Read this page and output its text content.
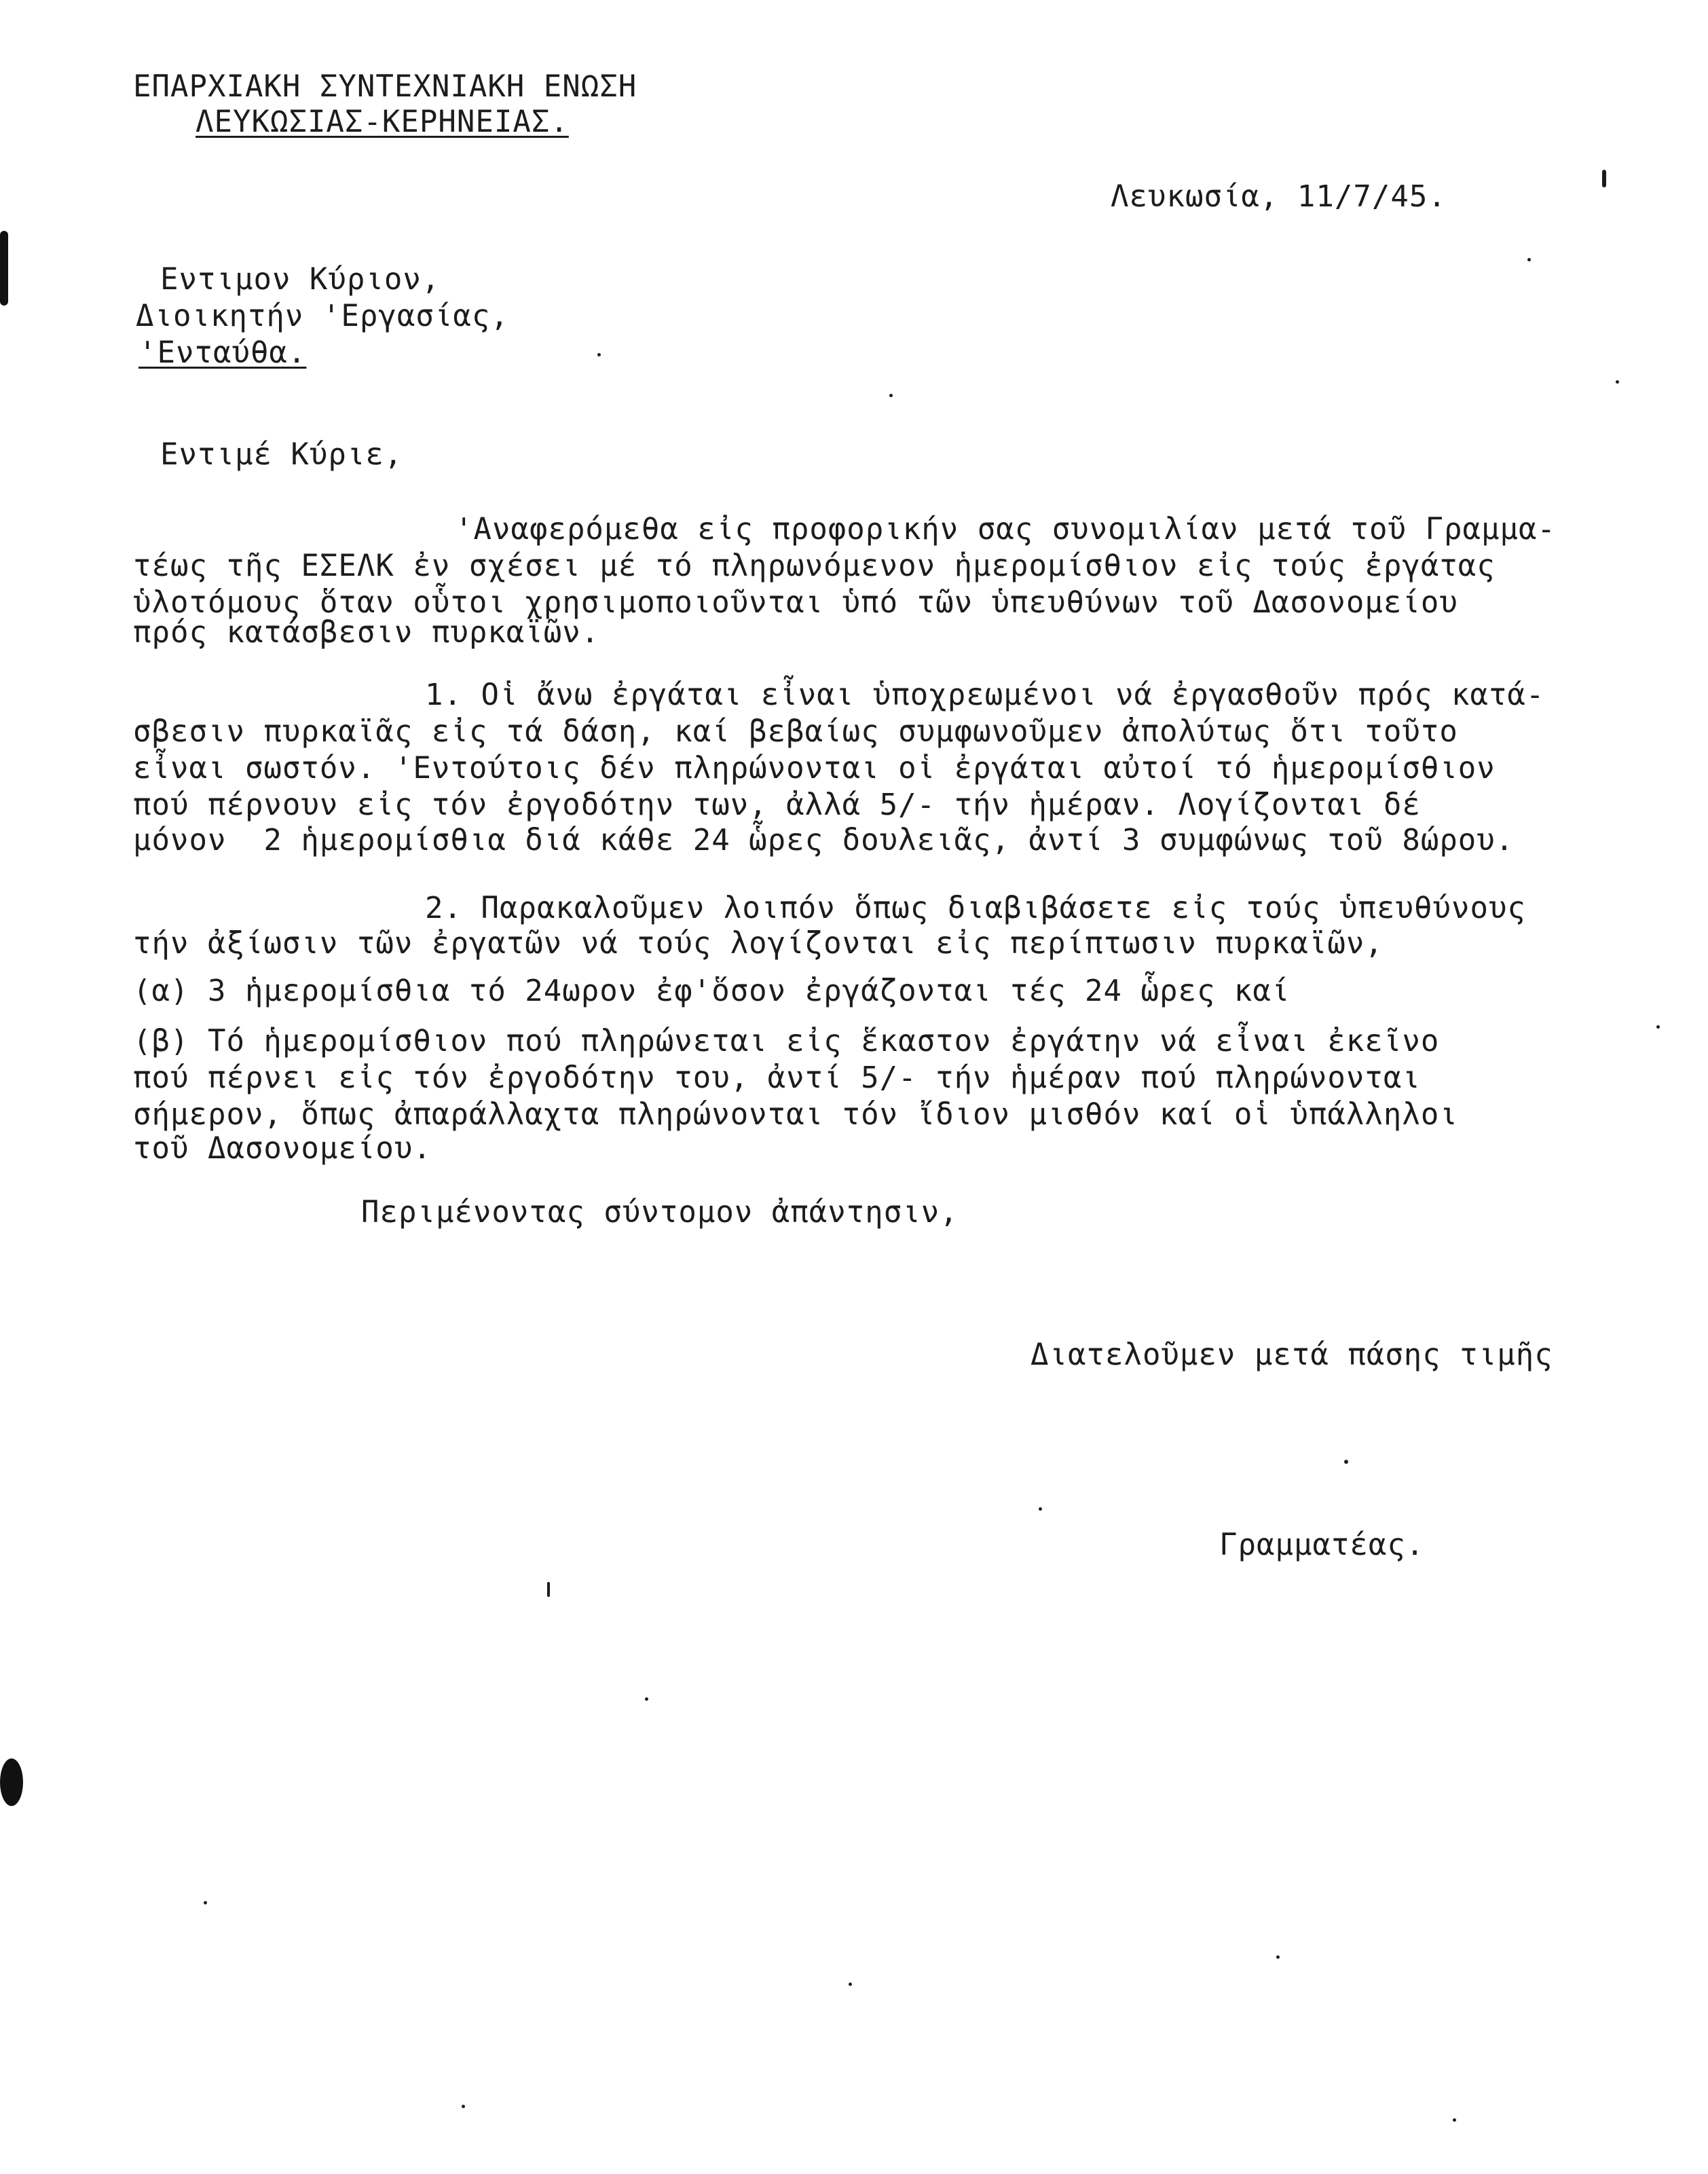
ΕΠΑΡΧΙΑΚΗ ΣΥΝΤΕΧΝΙΑΚΗ ΕΝΩΣΗ
ΛΕΥΚΩΣΙΑΣ-ΚΕΡΗΝΕΙΑΣ.
Λευκωσία, 11/7/45.
Εντιμον Κύριον,
Διοικητήν 'Εργασίας,
'Ενταύθα.
Εντιμέ Κύριε,
'Αναφερόμεθα εἰς προφορικήν σας συνομιλίαν μετά τοῦ Γραμμα-
τέως τῆς ΕΣΕΛΚ ἐν σχέσει μέ τό πληρωνόμενον ἡμερομίσθιον εἰς τούς ἐργάτας
ὑλοτόμους ὅταν οὗτοι χρησιμοποιοῦνται ὑπό τῶν ὑπευθύνων τοῦ Δασονομείου
πρός κατάσβεσιν πυρκαϊῶν.
1. Οἱ ἄνω ἐργάται εἶναι ὑποχρεωμένοι νά ἐργασθοῦν πρός κατά-
σβεσιν πυρκαϊᾶς εἰς τά δάση, καί βεβαίως συμφωνοῦμεν ἀπολύτως ὅτι τοῦτο
εἶναι σωστόν. 'Εντούτοις δέν πληρώνονται οἱ ἐργάται αὐτοί τό ἡμερομίσθιον
πού πέρνουν εἰς τόν ἐργοδότην των, ἀλλά 5/- τήν ἡμέραν. Λογίζονται δέ
μόνον  2 ἡμερομίσθια διά κάθε 24 ὧρες δουλειᾶς, ἀντί 3 συμφώνως τοῦ 8ώρου.
2. Παρακαλοῦμεν λοιπόν ὅπως διαβιβάσετε εἰς τούς ὑπευθύνους
τήν ἀξίωσιν τῶν ἐργατῶν νά τούς λογίζονται εἰς περίπτωσιν πυρκαϊῶν,
(α) 3 ἡμερομίσθια τό 24ωρον ἐφ'ὅσον ἐργάζονται τές 24 ὧρες καί
(β) Τό ἡμερομίσθιον πού πληρώνεται εἰς ἕκαστον ἐργάτην νά εἶναι ἐκεῖνο
πού πέρνει εἰς τόν ἐργοδότην του, ἀντί 5/- τήν ἡμέραν πού πληρώνονται
σήμερον, ὅπως ἀπαράλλαχτα πληρώνονται τόν ἴδιον μισθόν καί οἱ ὑπάλληλοι
τοῦ Δασονομείου.
Περιμένοντας σύντομον ἀπάντησιν,
Διατελοῦμεν μετά πάσης τιμῆς
Γραμματέας.
